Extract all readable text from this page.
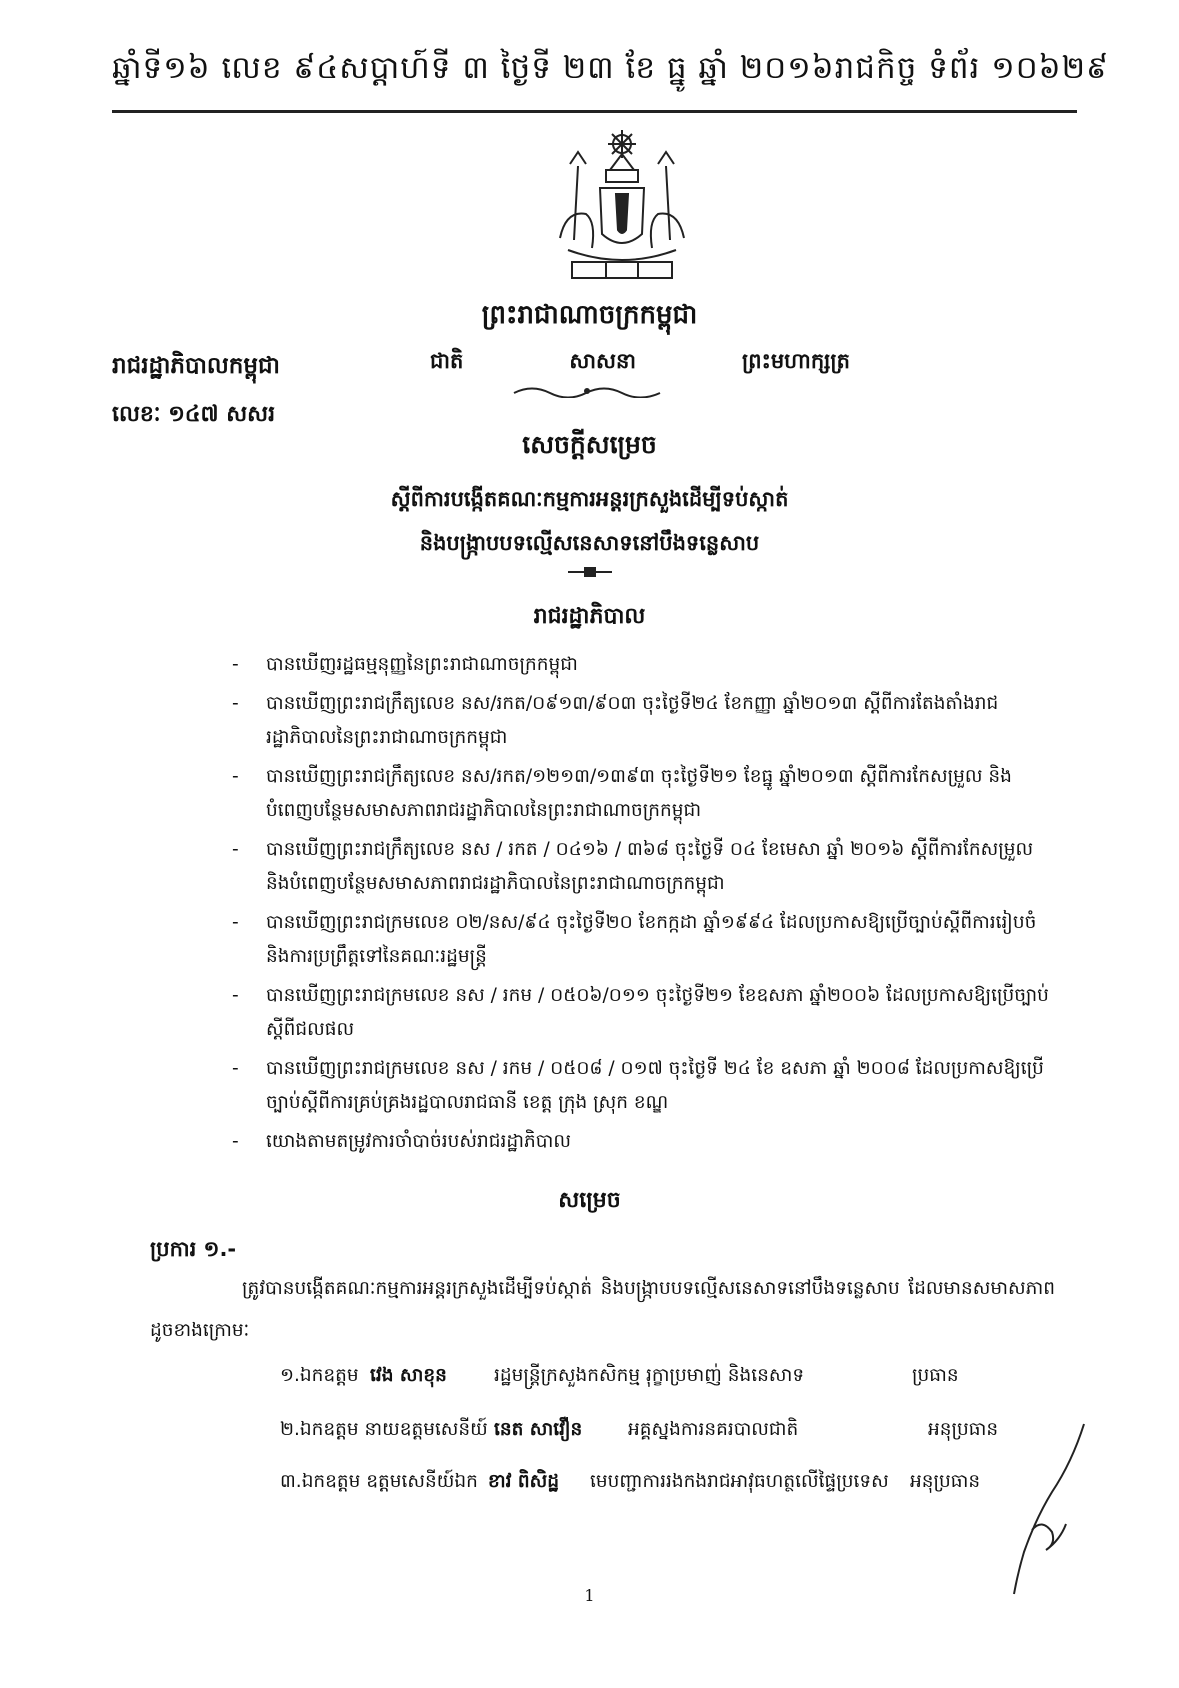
ឆ្នាំទី១៦ លេខ ៩៤ សប្តាហ៍ទី ៣ ថ្ងៃទី ២៣ ខែ ធ្នូ ឆ្នាំ ២០១៦ រាជកិច្ច ទំព័រ ១០៦២៩
ព្រះរាជាណាចក្រកម្ពុជា
ជាតិ	សាសនា	ព្រះមហាក្សត្រ
រាជរដ្ឋាភិបាលកម្ពុជា
លេខៈ ១៤៧ សសរ
សេចក្តីសម្រេច
ស្តីពីការបង្កើតគណៈកម្មការអន្តរក្រសួងដើម្បីទប់ស្កាត់
និងបង្ក្រាបបទល្មើសនេសាទនៅបឹងទន្លេសាប
រាជរដ្ឋាភិបាល
- បានឃើញរដ្ឋធម្មនុញ្ញនៃព្រះរាជាណាចក្រកម្ពុជា
- បានឃើញព្រះរាជក្រឹត្យលេខ នស/រកត/០៩១៣/៩០៣ ចុះថ្ងៃទី២៤ ខែកញ្ញា ឆ្នាំ២០១៣ ស្តីពីការតែងតាំងរាជរដ្ឋាភិបាលនៃព្រះរាជាណាចក្រកម្ពុជា
- បានឃើញព្រះរាជក្រឹត្យលេខ នស/រកត/១២១៣/១៣៩៣ ចុះថ្ងៃទី២១ ខែធ្នូ ឆ្នាំ២០១៣ ស្តីពីការកែសម្រួល និងបំពេញបន្ថែមសមាសភាពរាជរដ្ឋាភិបាលនៃព្រះរាជាណាចក្រកម្ពុជា
- បានឃើញព្រះរាជក្រឹត្យលេខ នស / រកត / ០៤១៦ / ៣៦៨ ចុះថ្ងៃទី ០៤ ខែមេសា ឆ្នាំ ២០១៦ ស្តីពីការកែសម្រួល និងបំពេញបន្ថែមសមាសភាពរាជរដ្ឋាភិបាលនៃព្រះរាជាណាចក្រកម្ពុជា
- បានឃើញព្រះរាជក្រមលេខ ០២/នស/៩៤ ចុះថ្ងៃទី២០ ខែកក្កដា ឆ្នាំ១៩៩៤ ដែលប្រកាសឱ្យប្រើច្បាប់ស្តីពីការរៀបចំ និងការប្រព្រឹត្តទៅនៃគណៈរដ្ឋមន្ត្រី
- បានឃើញព្រះរាជក្រមលេខ នស / រកម / ០៥០៦/០១១ ចុះថ្ងៃទី២១ ខែឧសភា ឆ្នាំ២០០៦ ដែលប្រកាសឱ្យប្រើច្បាប់ស្តីពីជលផល
- បានឃើញព្រះរាជក្រមលេខ នស / រកម / ០៥០៨ / ០១៧ ចុះថ្ងៃទី ២៤ ខែ ឧសភា ឆ្នាំ ២០០៨ ដែលប្រកាសឱ្យប្រើច្បាប់ស្តីពីការគ្រប់គ្រងរដ្ឋបាលរាជធានី ខេត្ត ក្រុង ស្រុក ខណ្ឌ
- យោងតាមតម្រូវការចាំបាច់របស់រាជរដ្ឋាភិបាល
សម្រេច
ប្រការ ១.-
ត្រូវបានបង្កើតគណៈកម្មការអន្តរក្រសួងដើម្បីទប់ស្កាត់ និងបង្ក្រាបបទល្មើសនេសាទនៅបឹងទន្លេសាប ដែលមានសមាសភាពដូចខាងក្រោមៈ
១.ឯកឧត្តម វេង សាខុន	រដ្ឋមន្ត្រីក្រសួងកសិកម្ម រុក្ខាប្រមាញ់ និងនេសាទ	ប្រធាន
២.ឯកឧត្តម នាយឧត្តមសេនីយ៍ នេត សាវឿន	អគ្គស្នងការនគរបាលជាតិ	អនុប្រធាន
៣.ឯកឧត្តម ឧត្តមសេនីយ៍ឯក ខាវ ពិសិដ្ឋ	មេបញ្ជាការរងកងរាជអាវុធហត្ថលើផ្ទៃប្រទេស	អនុប្រធាន
1
